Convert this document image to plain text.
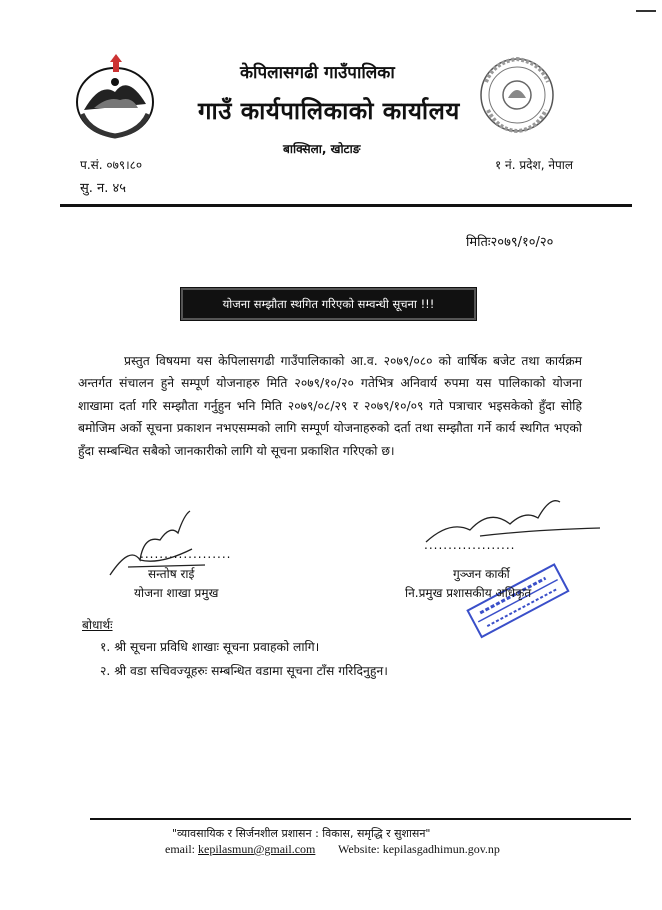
केपिलासगढी गाउँपालिका
गाउँ कार्यपालिकाको कार्यालय
बाक्सिला, खोटाङ
प.सं. ०७९।८०
सु. न. ४५
१ नं. प्रदेश, नेपाल
मितिः२०७९/१०/२०
योजना सम्झौता स्थगित गरिएको सम्वन्धी सूचना !!!

प्रस्तुत विषयमा यस केपिलासगढी गाउँपालिकाको आ.व. २०७९/०८० को वार्षिक बजेट तथा कार्यक्रम अन्तर्गत संचालन हुने सम्पूर्ण योजनाहरु मिति २०७९/१०/२० गतेभित्र अनिवार्य रुपमा यस पालिकाको योजना शाखामा दर्ता गरि सम्झौता गर्नुहुन भनि मिति २०७९/०८/२९ र २०७९/१०/०९ गते पत्राचार भइसकेको हुँदा सोहि बमोजिम अर्को सूचना प्रकाशन नभएसम्मको लागि सम्पूर्ण योजनाहरुको दर्ता तथा सम्झौता गर्ने कार्य स्थगित भएको हुँदा सम्बन्धित सबैको जानकारीको लागि यो सूचना प्रकाशित गरिएको छ।

...................
सन्तोष राई
योजना शाखा प्रमुख
...................
गुञ्जन कार्की
नि.प्रमुख प्रशासकीय अधिकृत
बोधार्थः
१. श्री सूचना प्रविधि शाखाः सूचना प्रवाहको लागि।
२. श्री वडा सचिवज्यूहरुः सम्बन्धित वडामा सूचना टाँस गरिदिनुहुन।
"व्यावसायिक र सिर्जनशील प्रशासन : विकास, समृद्धि र सुशासन"
email: kepilasmun@gmail.com Website: kepilasgadhimun.gov.np
